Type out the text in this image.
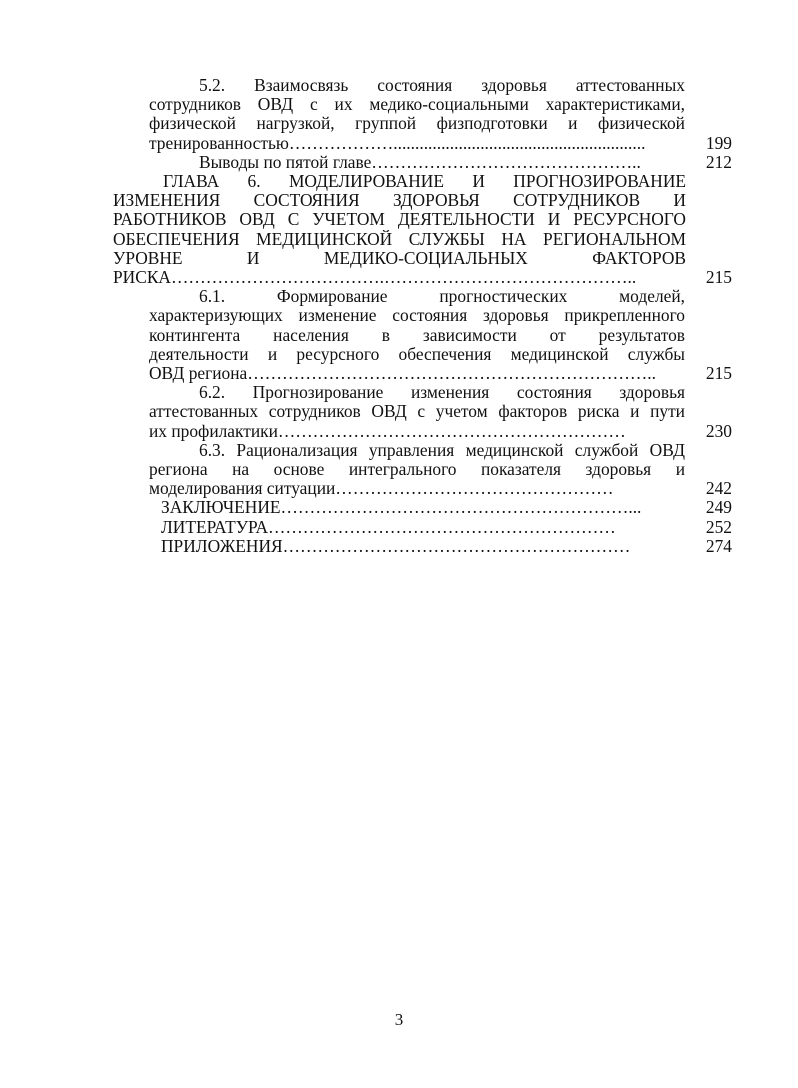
5.2. Взаимосвязь состояния здоровья аттестованных
сотрудников ОВД с их медико-социальными характеристиками,
физической нагрузкой, группой физподготовки и физической
тренированностью………………..........................................................	199
Выводы по пятой главе………………………………………..	212
ГЛАВА 6. МОДЕЛИРОВАНИЕ И ПРОГНОЗИРОВАНИЕ
ИЗМЕНЕНИЯ СОСТОЯНИЯ ЗДОРОВЬЯ СОТРУДНИКОВ И
РАБОТНИКОВ ОВД С УЧЕТОМ ДЕЯТЕЛЬНОСТИ И РЕСУРСНОГО
ОБЕСПЕЧЕНИЯ МЕДИЦИНСКОЙ СЛУЖБЫ НА РЕГИОНАЛЬНОМ
УРОВНЕ И МЕДИКО-СОЦИАЛЬНЫХ ФАКТОРОВ
РИСКА……………………………….……………………………………..	215
6.1. Формирование прогностических моделей,
характеризующих изменение состояния здоровья прикрепленного
контингента населения в зависимости от результатов
деятельности и ресурсного обеспечения медицинской службы
ОВД региона……………………………………………………………..	215
6.2. Прогнозирование изменения состояния здоровья
аттестованных сотрудников ОВД с учетом факторов риска и пути
их профилактики……………………………………………………	230
6.3. Рационализация управления медицинской службой ОВД
региона на основе интегрального показателя здоровья и
моделирования ситуации…………………………………………	242
ЗАКЛЮЧЕНИЕ……………………………………………………...	249
ЛИТЕРАТУРА……………………………………………………	252
ПРИЛОЖЕНИЯ……………………………………………………	274
3
